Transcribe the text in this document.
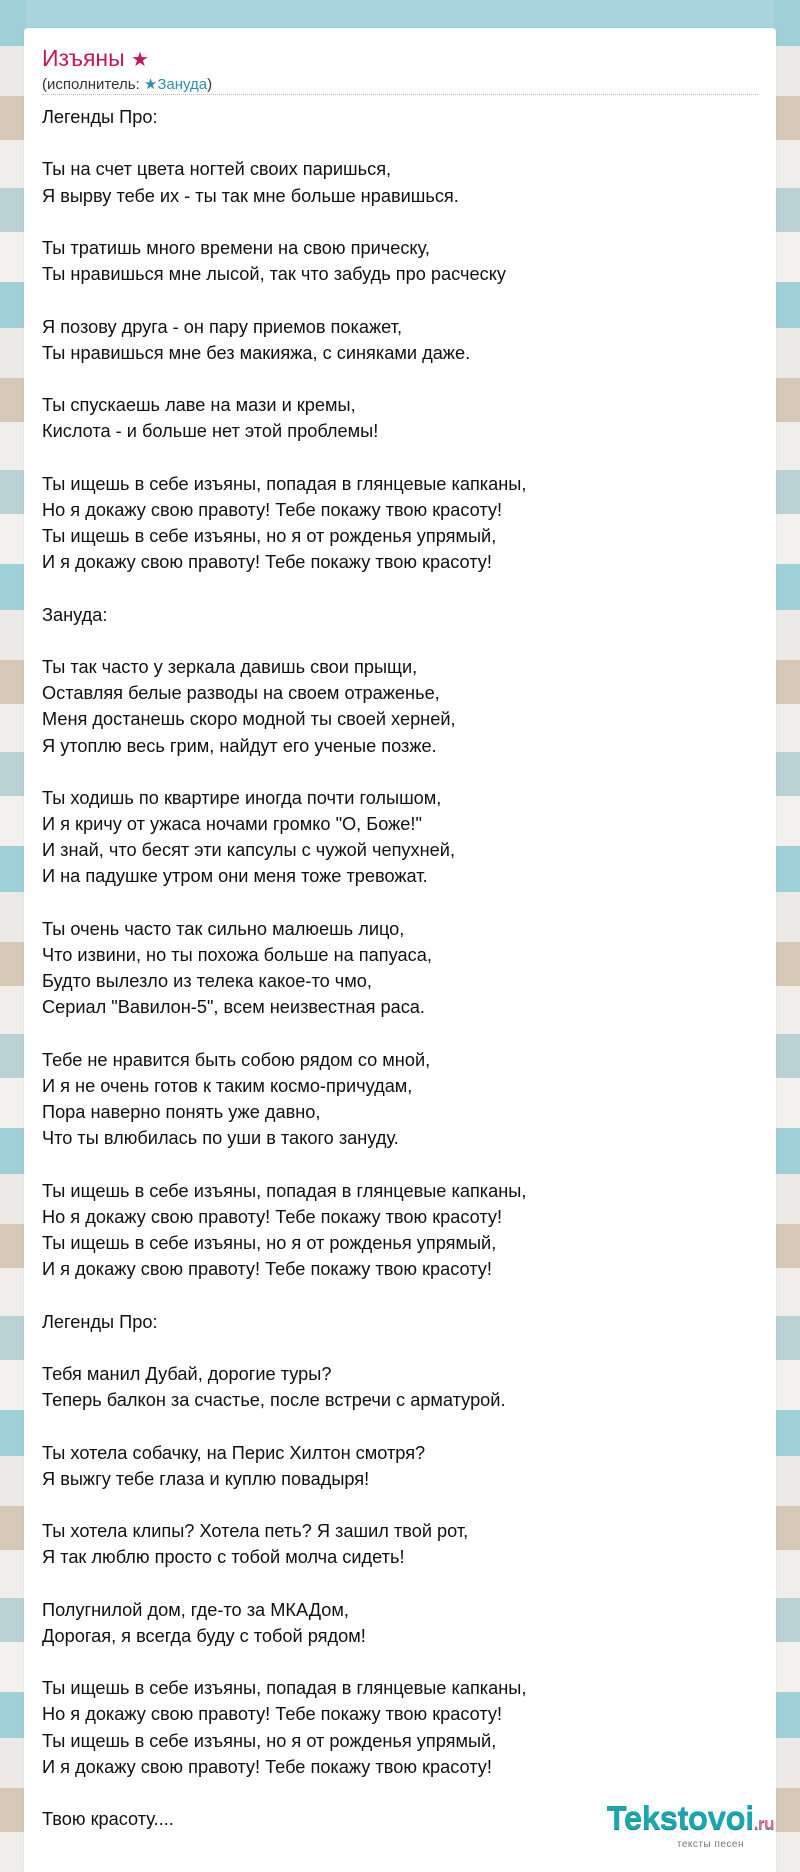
Изъяны ★
(исполнитель: ★Зануда)
Легенды Про:
Ты на счет цвета ногтей своих паришься,
Я вырву тебе их - ты так мне больше нравишься.
Ты тратишь много времени на свою прическу,
Ты нравишься мне лысой, так что забудь про расческу
Я позову друга - он пару приемов покажет,
Ты нравишься мне без макияжа, с синяками даже.
Ты спускаешь лаве на мази и кремы,
Кислота - и больше нет этой проблемы!
Ты ищешь в себе изъяны, попадая в глянцевые капканы,
Но я докажу свою правоту! Тебе покажу твою красоту!
Ты ищешь в себе изъяны, но я от рожденья упрямый,
И я докажу свою правоту! Тебе покажу твою красоту!
Зануда:
Ты так часто у зеркала давишь свои прыщи,
Оставляя белые разводы на своем отраженье,
Меня достанешь скоро модной ты своей херней,
Я утоплю весь грим, найдут его ученые позже.
Ты ходишь по квартире иногда почти голышом,
И я кричу от ужаса ночами громко "О, Боже!"
И знай, что бесят эти капсулы с чужой чепухней,
И на падушке утром они меня тоже тревожат.
Ты очень часто так сильно малюешь лицо,
Что извини, но ты похожа больше на папуаса,
Будто вылезло из телека какое-то чмо,
Сериал "Вавилон-5", всем неизвестная раса.
Тебе не нравится быть собою рядом со мной,
И я не очень готов к таким космо-причудам,
Пора наверно понять уже давно,
Что ты влюбилась по уши в такого зануду.
Ты ищешь в себе изъяны, попадая в глянцевые капканы,
Но я докажу свою правоту! Тебе покажу твою красоту!
Ты ищешь в себе изъяны, но я от рожденья упрямый,
И я докажу свою правоту! Тебе покажу твою красоту!
Легенды Про:
Тебя манил Дубай, дорогие туры?
Теперь балкон за счастье, после встречи с арматурой.
Ты хотела собачку, на Перис Хилтон смотря?
Я выжгу тебе глаза и куплю повадыря!
Ты хотела клипы? Хотела петь? Я зашил твой рот,
Я так люблю просто с тобой молча сидеть!
Полугнилой дом, где-то за МКАДом,
Дорогая, я всегда буду с тобой рядом!
Ты ищешь в себе изъяны, попадая в глянцевые капканы,
Но я докажу свою правоту! Тебе покажу твою красоту!
Ты ищешь в себе изъяны, но я от рожденья упрямый,
И я докажу свою правоту! Тебе покажу твою красоту!
Твою красоту....	Tekstovoi.ru
тексты песен
